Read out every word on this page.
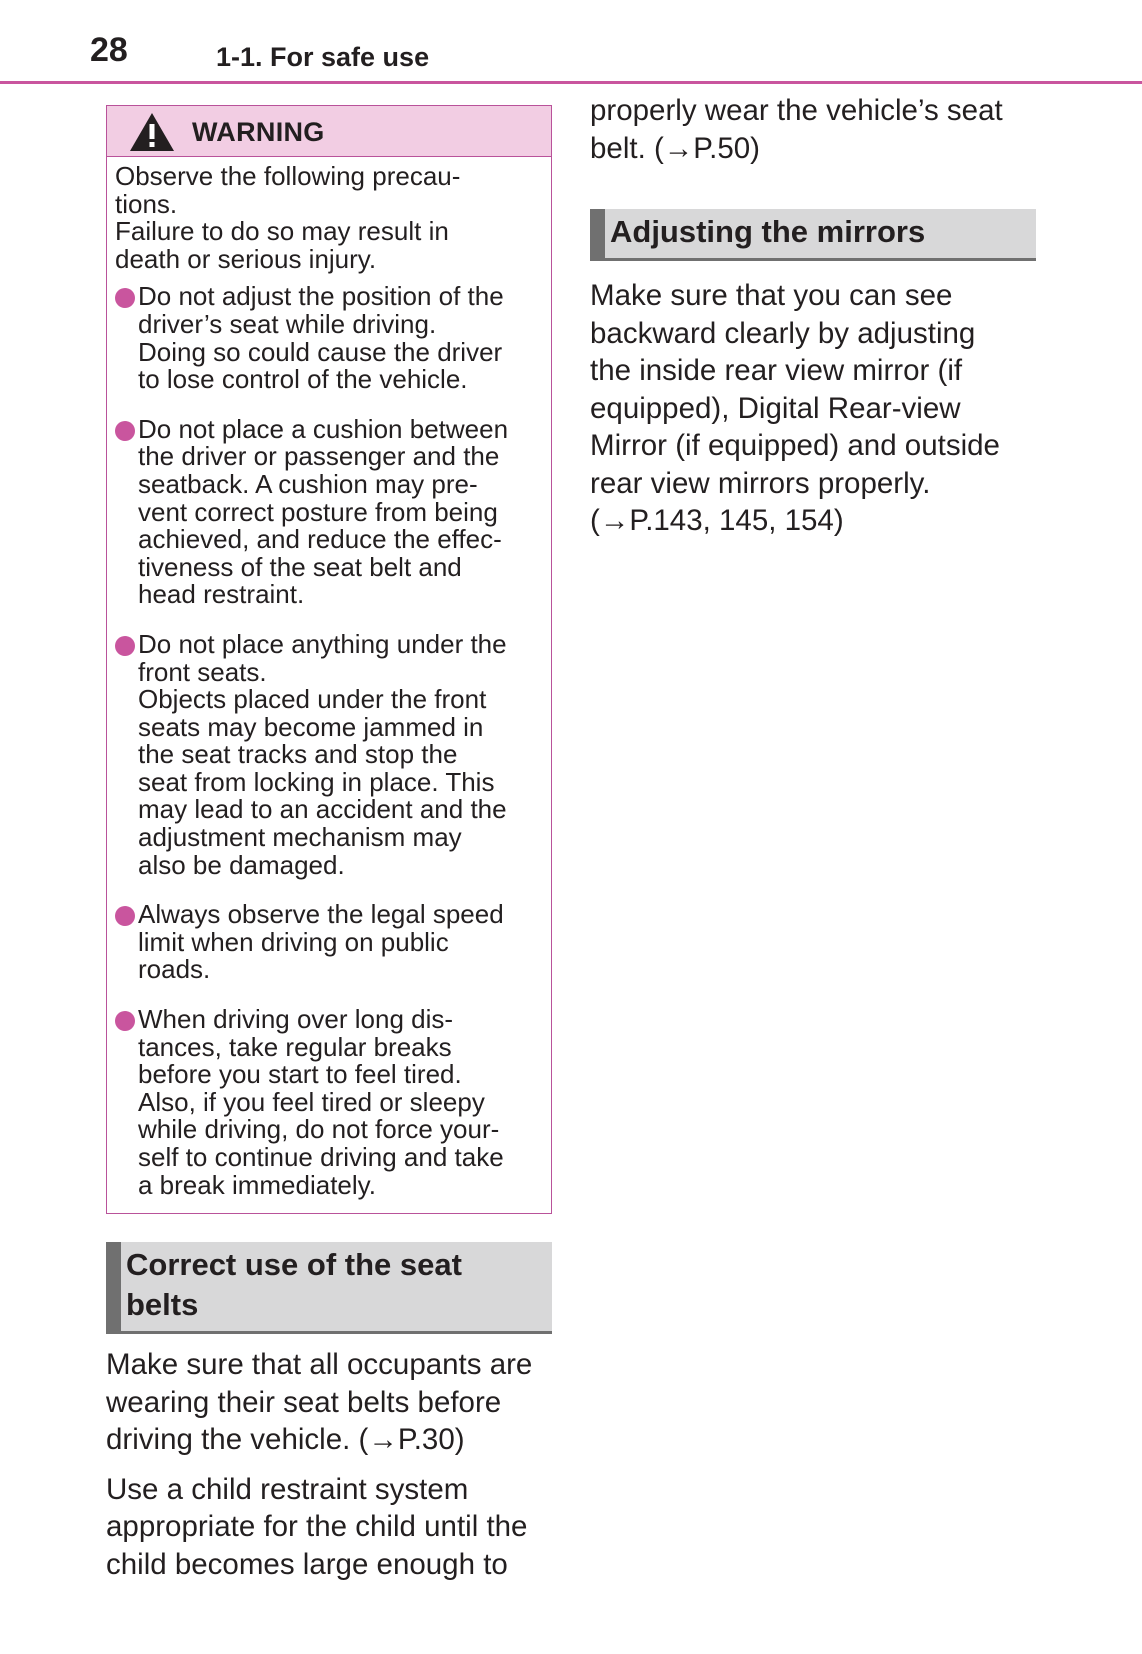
28	1-1. For safe use
WARNING
Observe the following precau-
tions.
Failure to do so may result in
death or serious injury.
Do not adjust the position of the
driver’s seat while driving.
Doing so could cause the driver
to lose control of the vehicle.
Do not place a cushion between
the driver or passenger and the
seatback. A cushion may pre-
vent correct posture from being
achieved, and reduce the effec-
tiveness of the seat belt and
head restraint.
Do not place anything under the
front seats.
Objects placed under the front
seats may become jammed in
the seat tracks and stop the
seat from locking in place. This
may lead to an accident and the
adjustment mechanism may
also be damaged.
Always observe the legal speed
limit when driving on public
roads.
When driving over long dis-
tances, take regular breaks
before you start to feel tired.
Also, if you feel tired or sleepy
while driving, do not force your-
self to continue driving and take
a break immediately.
Correct use of the seat
belts

Make sure that all occupants are
wearing their seat belts before
driving the vehicle. (→P.30)

Use a child restraint system
appropriate for the child until the
child becomes large enough to

properly wear the vehicle’s seat
belt. (→P.50)

Adjusting the mirrors

Make sure that you can see
backward clearly by adjusting
the inside rear view mirror (if
equipped), Digital Rear-view
Mirror (if equipped) and outside
rear view mirrors properly.
(→P.143, 145, 154)
